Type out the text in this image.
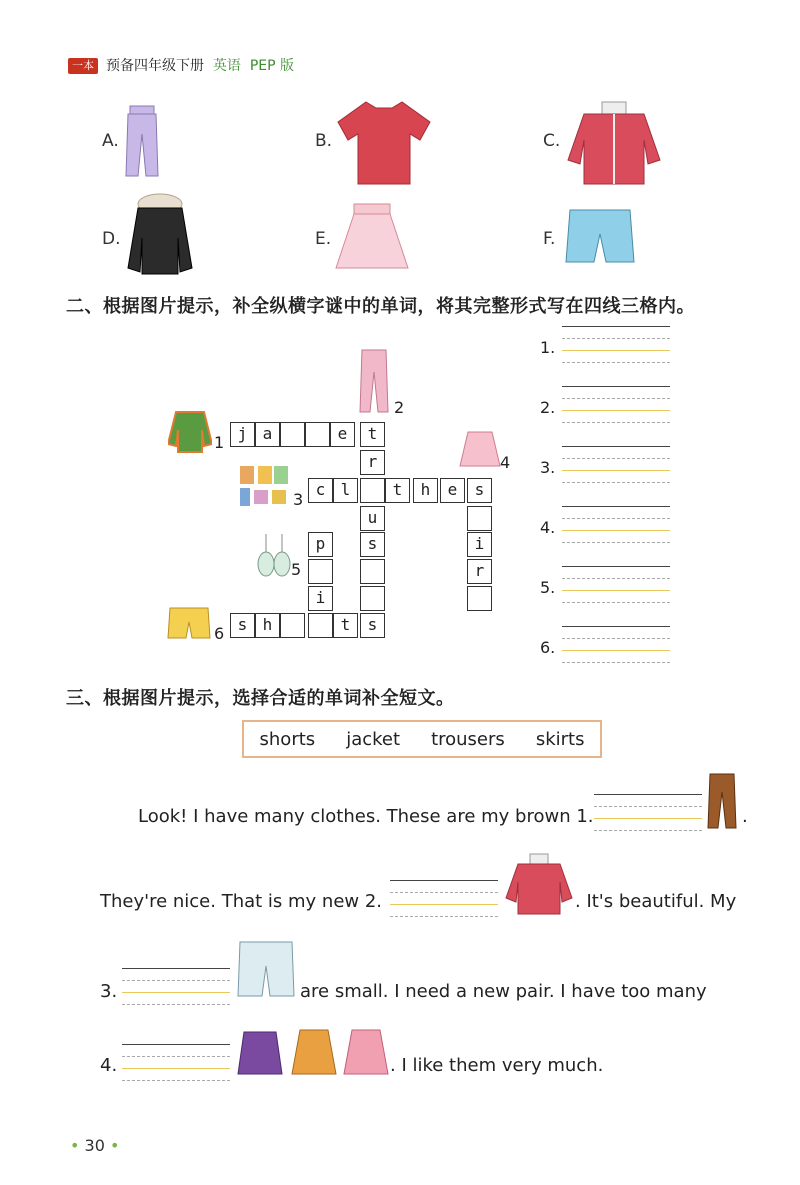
一本 预备四年级下册 英语 PEP 版
A.	B.	C.
D.	E.	F.
二、根据图片提示，补全纵横字谜中的单词，将其完整形式写在四线三格内。
1
2
3
4
5
6
j a	e	t
r
c l	t	h	e	s
u
p	s	i
r
i
s h	t	s
1.
2.
3.
4.
5.
6.
三、根据图片提示，选择合适的单词补全短文。
shorts jacket trousers skirts
Look! I have many clothes. These are my brown 1.	.
They're nice. That is my new 2.	. It's beautiful. My
3.	are small. I need a new pair. I have too many
4.	. I like them very much.
• 30 •
